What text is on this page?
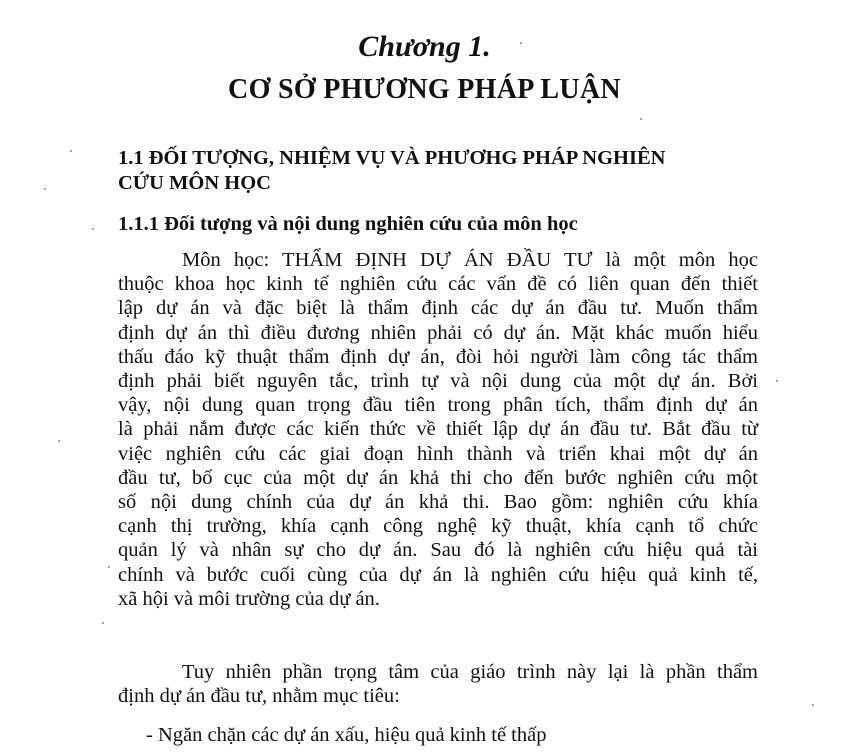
Chương 1.
CƠ SỞ PHƯƠNG PHÁP LUẬN
1.1 ĐỐI TƯỢNG, NHIỆM VỤ VÀ PHƯƠHG PHÁP NGHIÊN
CỨU MÔN HỌC
1.1.1 Đối tượng và nội dung nghiên cứu của môn học
Môn học: THẨM ĐỊNH DỰ ÁN ĐẦU TƯ là một môn học
thuộc khoa học kinh tế nghiên cứu các vấn đề có liên quan đến thiết
lập dự án và đặc biệt là thẩm định các dự án đầu tư. Muốn thẩm
định dự án thì điều đương nhiên phải có dự án. Mặt khác muốn hiểu
thấu đáo kỹ thuật thẩm định dự án, đòi hỏi người làm công tác thẩm
định phải biết nguyên tắc, trình tự và nội dung của một dự án. Bởi
vậy, nội dung quan trọng đầu tiên trong phân tích, thẩm định dự án
là phải nắm được các kiến thức về thiết lập dự án đầu tư. Bắt đầu từ
việc nghiên cứu các giai đoạn hình thành và triển khai một dự án
đầu tư, bố cục của một dự án khả thi cho đến bước nghiên cứu một
số nội dung chính của dự án khả thi. Bao gồm: nghiên cứu khía
cạnh thị trường, khía cạnh công nghệ kỹ thuật, khía cạnh tổ chức
quản lý và nhân sự cho dự án. Sau đó là nghiên cứu hiệu quả tài
chính và bước cuối cùng của dự án là nghiên cứu hiệu quả kinh tế,
xã hội và môi trường của dự án.
Tuy nhiên phần trọng tâm của giáo trình này lại là phần thẩm
định dự án đầu tư, nhằm mục tiêu:
- Ngăn chặn các dự án xấu, hiệu quả kinh tế thấp
